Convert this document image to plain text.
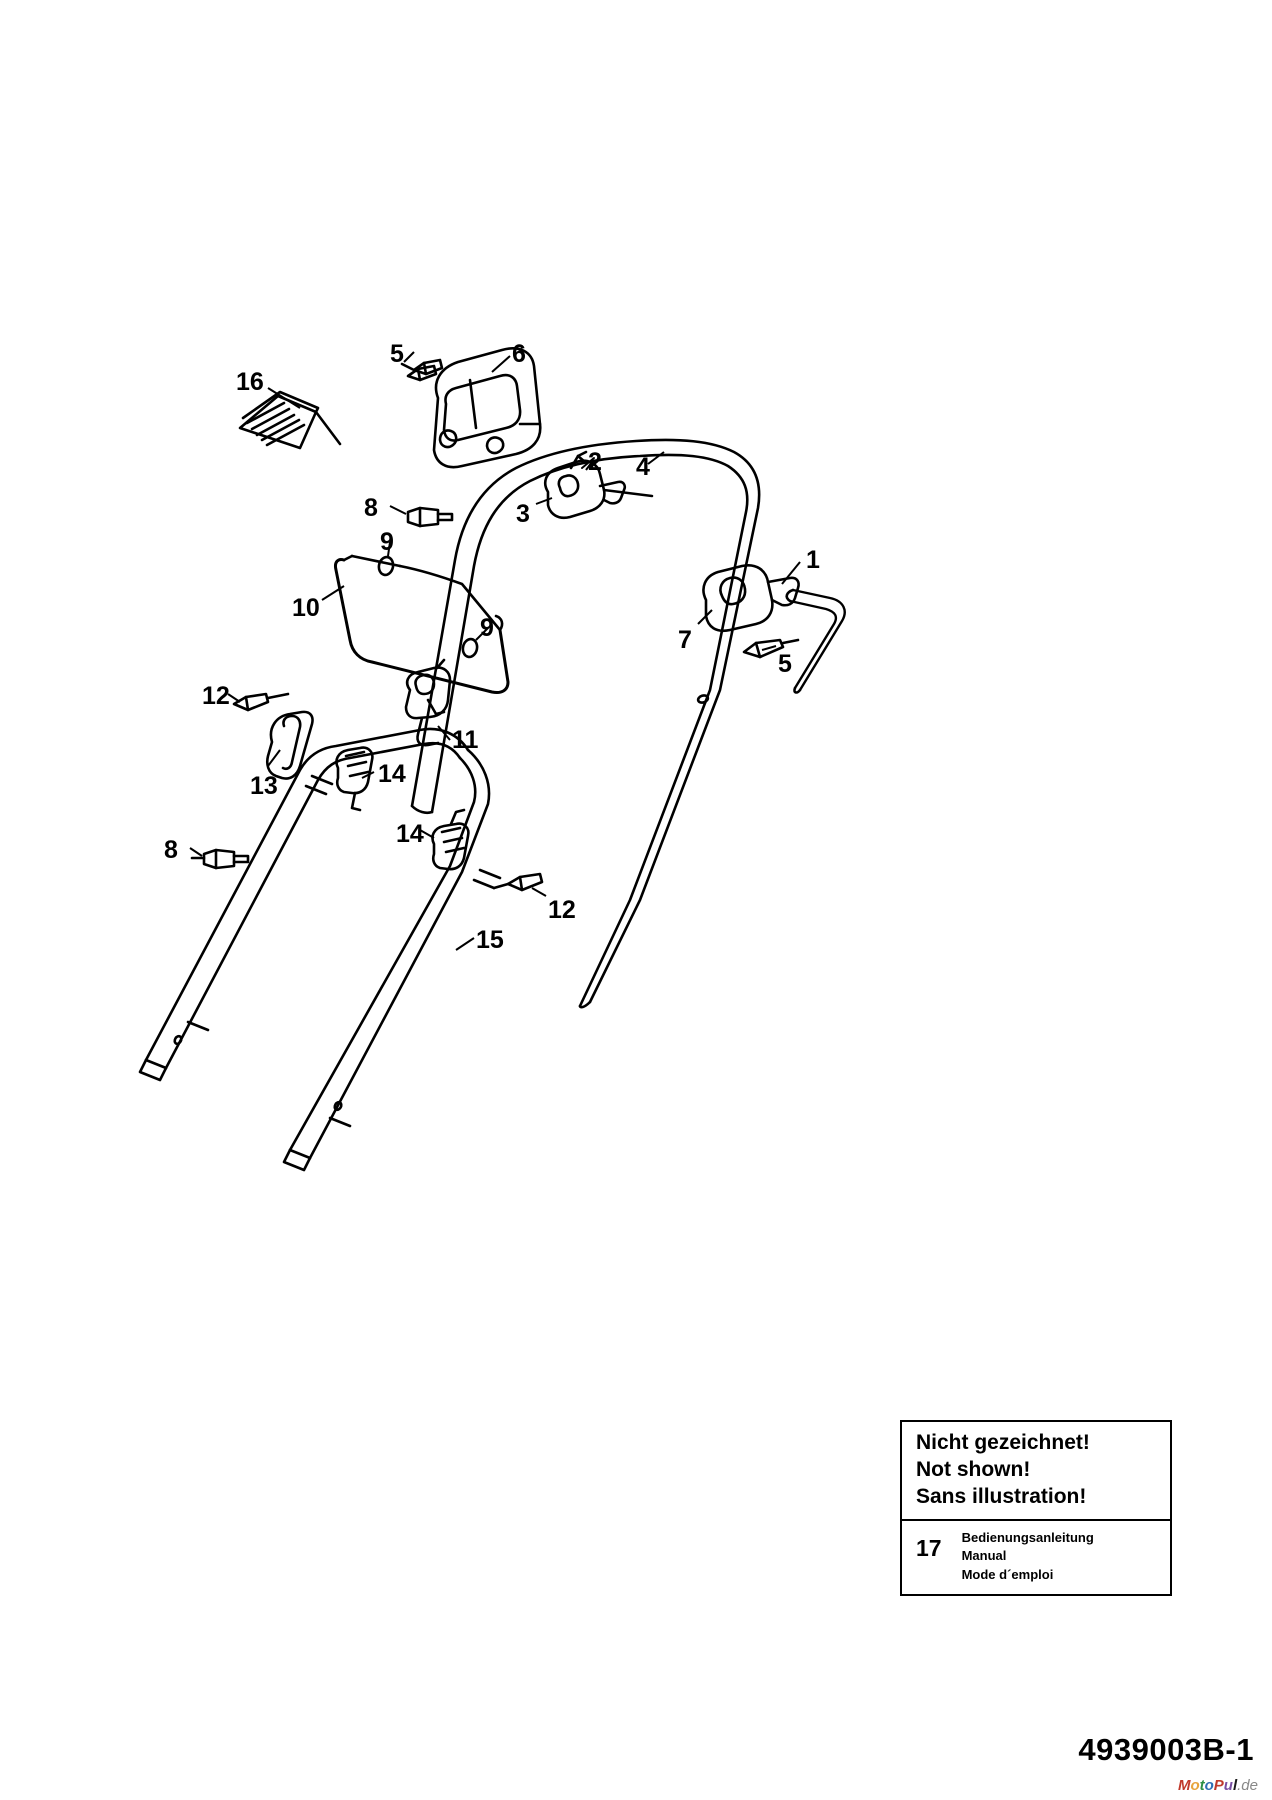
16
5	6
2 4
3
8
9
10
1
9	7
5
12
13
11
14
14
8
12
15
Nicht gezeichnet!
Not shown!
Sans illustration!
17 Bedienungsanleitung
Manual
Mode d´emploi
4939003B-1
MotoPul.de
